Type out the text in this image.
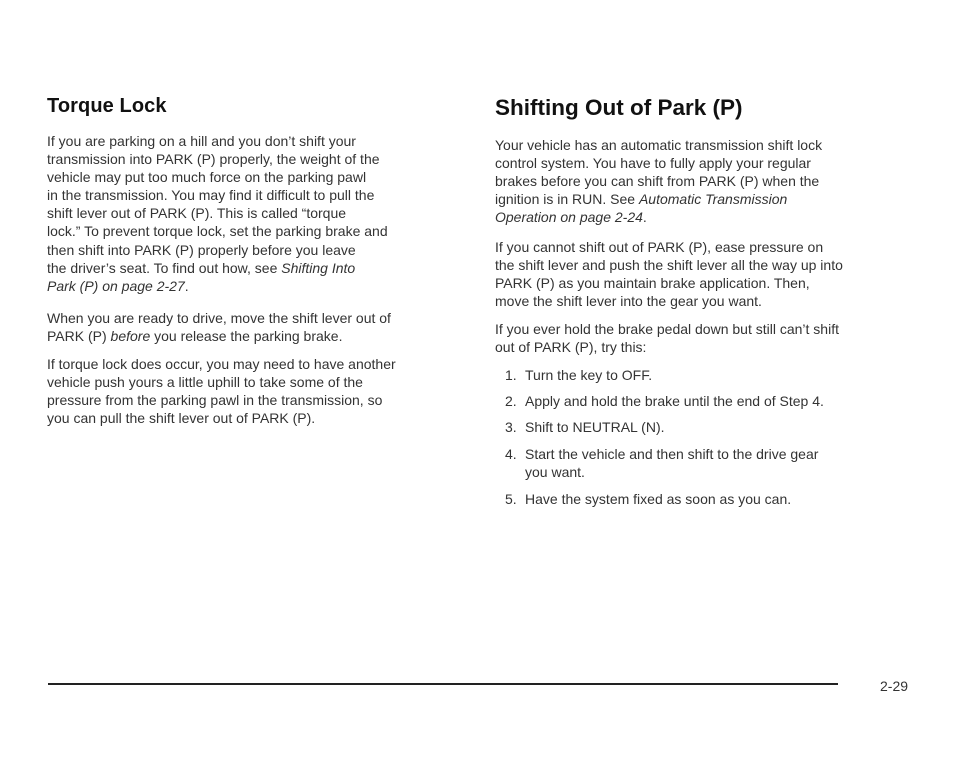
Torque Lock
If you are parking on a hill and you don’t shift your
transmission into PARK (P) properly, the weight of the
vehicle may put too much force on the parking pawl
in the transmission. You may find it difficult to pull the
shift lever out of PARK (P). This is called “torque
lock.” To prevent torque lock, set the parking brake and
then shift into PARK (P) properly before you leave
the driver’s seat. To find out how, see Shifting Into
Park (P) on page 2-27.
When you are ready to drive, move the shift lever out of
PARK (P) before you release the parking brake.
If torque lock does occur, you may need to have another
vehicle push yours a little uphill to take some of the
pressure from the parking pawl in the transmission, so
you can pull the shift lever out of PARK (P).
Shifting Out of Park (P)
Your vehicle has an automatic transmission shift lock
control system. You have to fully apply your regular
brakes before you can shift from PARK (P) when the
ignition is in RUN. See Automatic Transmission
Operation on page 2-24.
If you cannot shift out of PARK (P), ease pressure on
the shift lever and push the shift lever all the way up into
PARK (P) as you maintain brake application. Then,
move the shift lever into the gear you want.
If you ever hold the brake pedal down but still can’t shift
out of PARK (P), try this:
1. Turn the key to OFF.
2. Apply and hold the brake until the end of Step 4.
3. Shift to NEUTRAL (N).
4. Start the vehicle and then shift to the drive gear
you want.
5. Have the system fixed as soon as you can.
2-29
